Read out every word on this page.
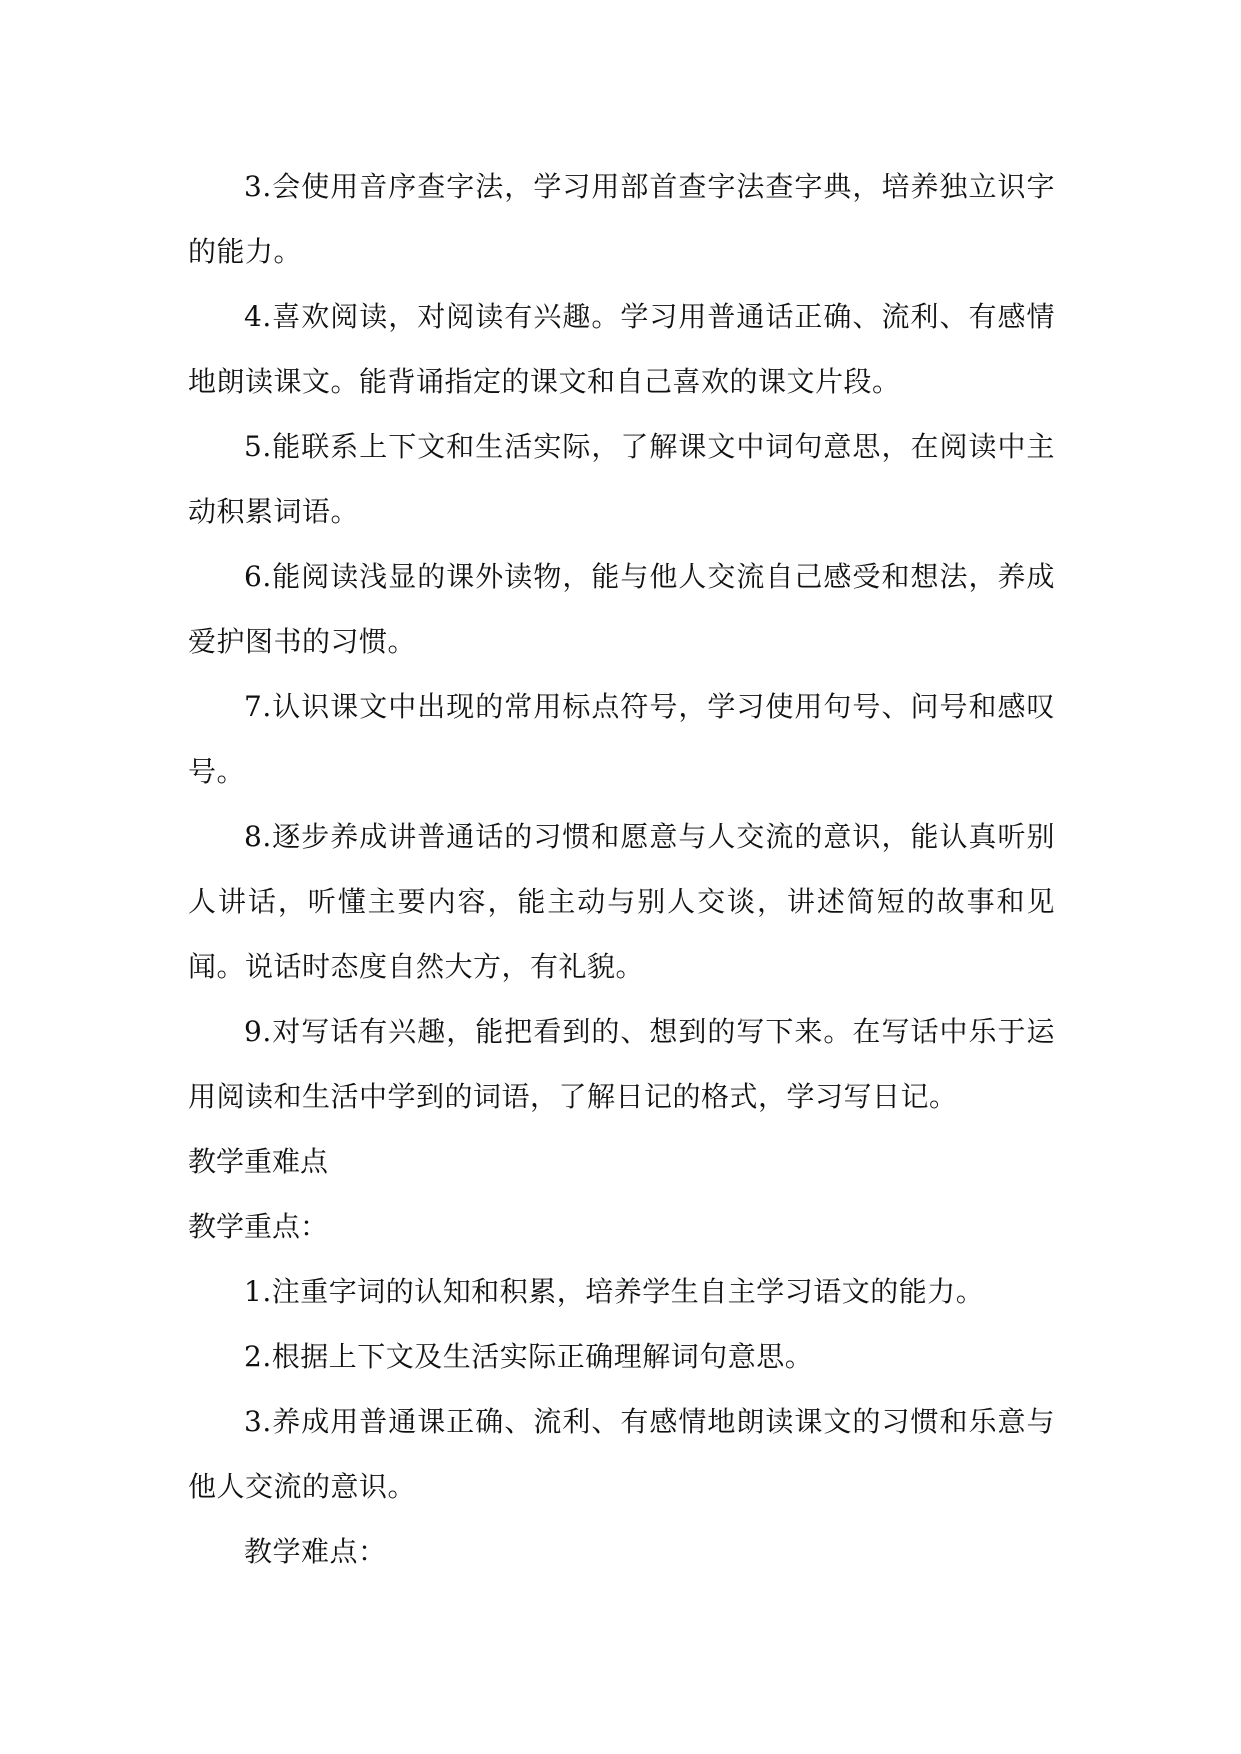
3.会使用音序查字法，学习用部首查字法查字典，培养独立识字的能力。

4.喜欢阅读，对阅读有兴趣。学习用普通话正确、流利、有感情地朗读课文。能背诵指定的课文和自己喜欢的课文片段。

5.能联系上下文和生活实际，了解课文中词句意思，在阅读中主动积累词语。

6.能阅读浅显的课外读物，能与他人交流自己感受和想法，养成爱护图书的习惯。

7.认识课文中出现的常用标点符号，学习使用句号、问号和感叹号。

8.逐步养成讲普通话的习惯和愿意与人交流的意识，能认真听别人讲话，听懂主要内容，能主动与别人交谈，讲述简短的故事和见闻。说话时态度自然大方，有礼貌。

9.对写话有兴趣，能把看到的、想到的写下来。在写话中乐于运用阅读和生活中学到的词语，了解日记的格式，学习写日记。

教学重难点

教学重点：

1.注重字词的认知和积累，培养学生自主学习语文的能力。

2.根据上下文及生活实际正确理解词句意思。

3.养成用普通课正确、流利、有感情地朗读课文的习惯和乐意与他人交流的意识。

教学难点：
